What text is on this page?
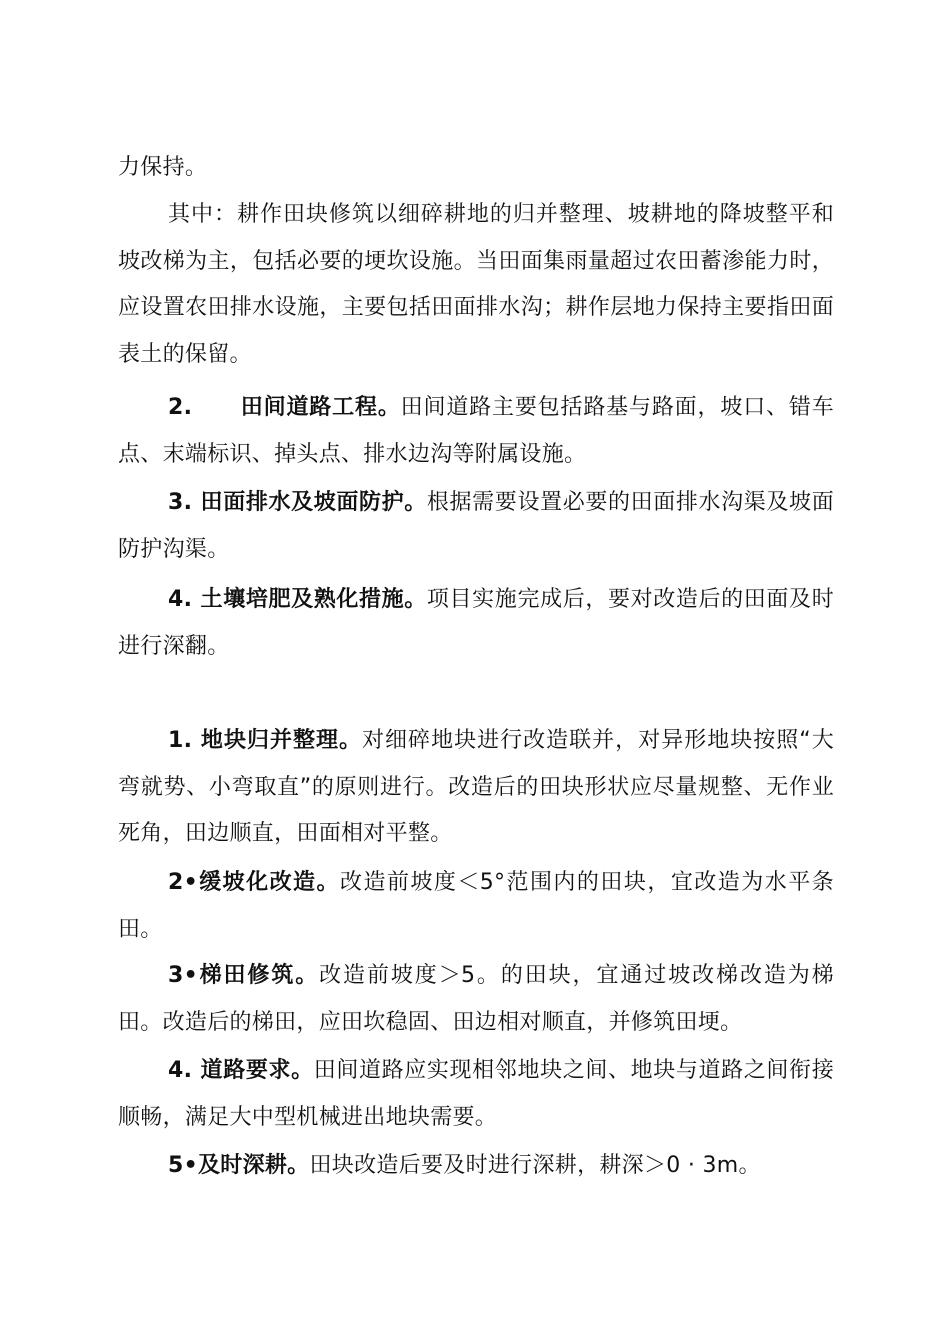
力保持。

其中：耕作田块修筑以细碎耕地的归并整理、坡耕地的降坡整平和坡改梯为主，包括必要的埂坎设施。当田面集雨量超过农田蓄渗能力时，应设置农田排水设施，主要包括田面排水沟；耕作层地力保持主要指田面表土的保留。

2. 田间道路工程。田间道路主要包括路基与路面，坡口、错车点、末端标识、掉头点、排水边沟等附属设施。

3. 田面排水及坡面防护。根据需要设置必要的田面排水沟渠及坡面防护沟渠。

4. 土壤培肥及熟化措施。项目实施完成后，要对改造后的田面及时进行深翻。

1. 地块归并整理。对细碎地块进行改造联并，对异形地块按照“大弯就势、小弯取直”的原则进行。改造后的田块形状应尽量规整、无作业死角，田边顺直，田面相对平整。

2•缓坡化改造。改造前坡度＜5°范围内的田块，宜改造为水平条田。

3•梯田修筑。改造前坡度＞5。的田块，宜通过坡改梯改造为梯田。改造后的梯田，应田坎稳固、田边相对顺直，并修筑田埂。

4. 道路要求。田间道路应实现相邻地块之间、地块与道路之间衔接顺畅，满足大中型机械进出地块需要。

5•及时深耕。田块改造后要及时进行深耕，耕深＞0 · 3m。
